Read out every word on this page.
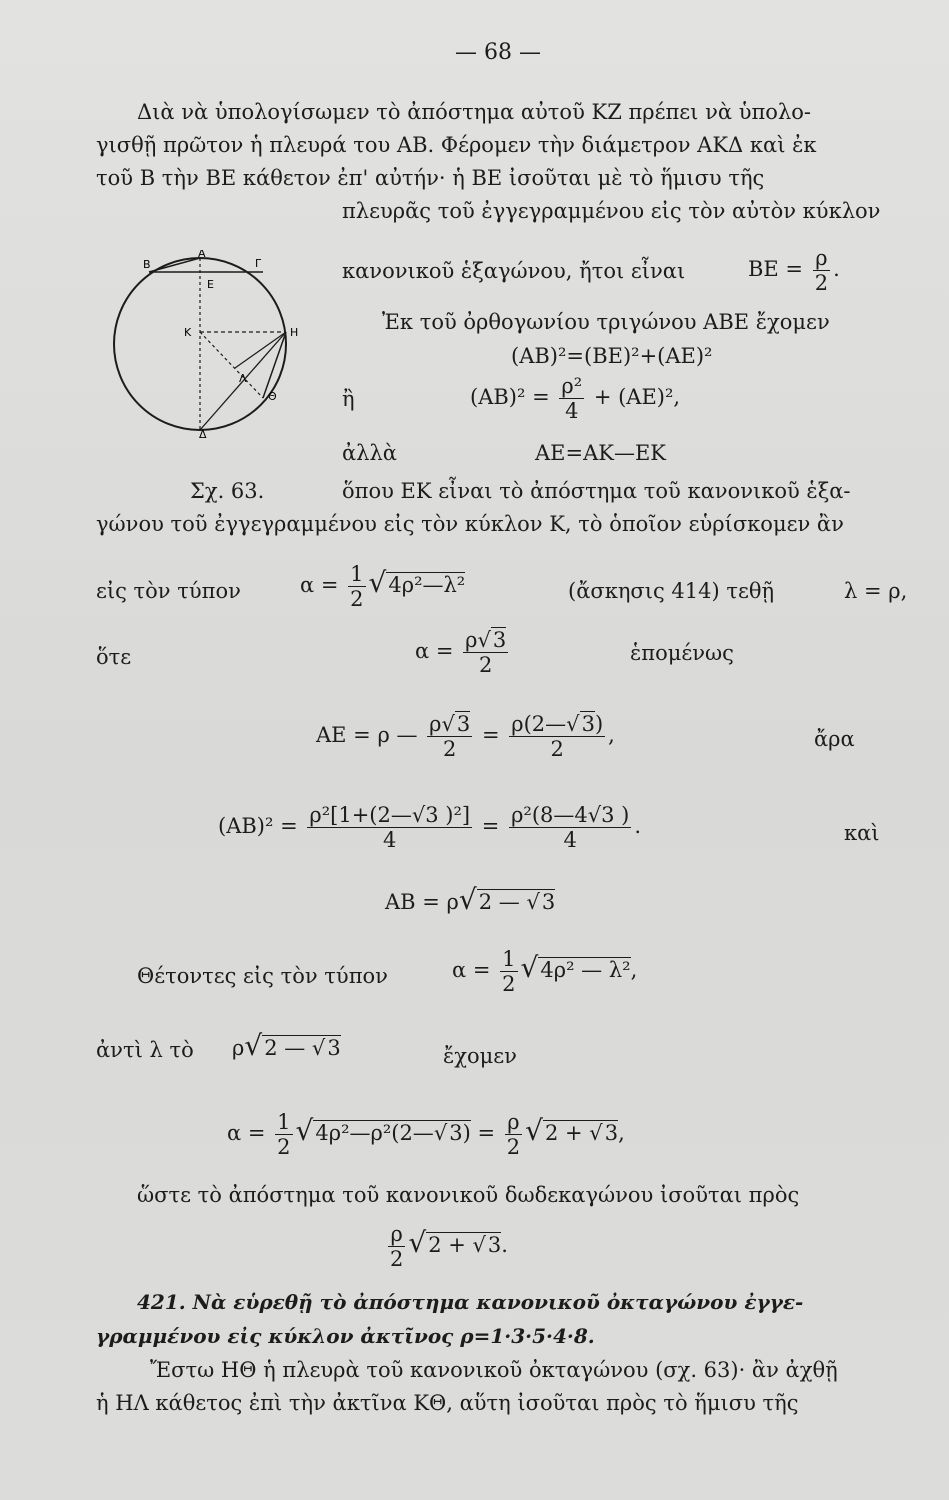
— 68 —
Διὰ νὰ ὑπολογίσωμεν τὸ ἀπόστημα αὐτοῦ ΚΖ πρέπει νὰ ὑπολο-
γισθῇ πρῶτον ἡ πλευρά του ΑΒ. Φέρομεν τὴν διάμετρον ΑΚΔ καὶ ἐκ
τοῦ Β τὴν ΒΕ κάθετον ἐπ' αὐτήν· ἡ ΒΕ ἰσοῦται μὲ τὸ ἥμισυ τῆς
πλευρᾶς τοῦ ἐγγεγραμμένου εἰς τὸν αὐτὸν κύκλον
κανονικοῦ ἑξαγώνου, ἤτοι εἶναι	$BE = \frac{\rho}{2}$ .
Ἐκ τοῦ ὀρθογωνίου τριγώνου ΑΒΕ ἔχομεν
(ΑΒ)²=(ΒΕ)²+(ΑΕ)²
ἢ	$(AB)^2 = \frac{\text{ρ²}}{4} + (AE)^2$,
ἀλλὰ	ΑΕ=ΑΚ—ΕΚ
Β
Α
Ε
Γ
Κ	Η
Λ
Θ
Δ
Σχ. 63.	ὅπου ΕΚ εἶναι τὸ ἀπόστημα τοῦ κανονικοῦ ἑξα-
γώνου τοῦ ἐγγεγραμμένου εἰς τὸν κύκλον Κ, τὸ ὁποῖον εὑρίσκομεν ἂν
εἰς τὸν τύπον	$\alpha = \frac{1}{2}$ √4ρ²—λ²	(ἄσκησις 414) τεθῇ	λ = ρ,
ὅτε	$\alpha = \frac{\rho√3}{2}$	ἑπομένως
ΑΕ = ρ — $\frac{\rho√3}{2} = \frac{\rho(2—√3)}{2}$ ,	ἄρα
$(AB)^2 = \frac{\text{ρ²[1+(2—√3 )²]}}{4} = \frac{\text{ρ²(8—4√3 )}}{4}$ .	καὶ
ΑΒ = ρ√2 — √3
Θέτοντες εἰς τὸν τύπον	$\alpha = \frac{1}{2} √4\rho^2$ — λ²,
ἀντὶ λ τὸ ρ√2 — √3	ἔχομεν
$\alpha = \frac{1}{2}$ √4ρ²—ρ²(2—√3) = $\frac{\rho}{2} √2 + √3$,
ὥστε τὸ ἀπόστημα τοῦ κανονικοῦ δωδεκαγώνου ἰσοῦται πρὸς
$\frac{\rho}{2} √2 + √3$.
421. Νὰ εὑρεθῇ τὸ ἀπόστημα κανονικοῦ ὀκταγώνου ἐγγε-
γραμμένου εἰς κύκλον ἀκτῖνος ρ=1·3·5·4·8.
Ἔστω ΗΘ ἡ πλευρὰ τοῦ κανονικοῦ ὀκταγώνου (σχ. 63)· ἂν ἀχθῇ
ἡ ΗΛ κάθετος ἐπὶ τὴν ἀκτῖνα ΚΘ, αὕτη ἰσοῦται πρὸς τὸ ἥμισυ τῆς
